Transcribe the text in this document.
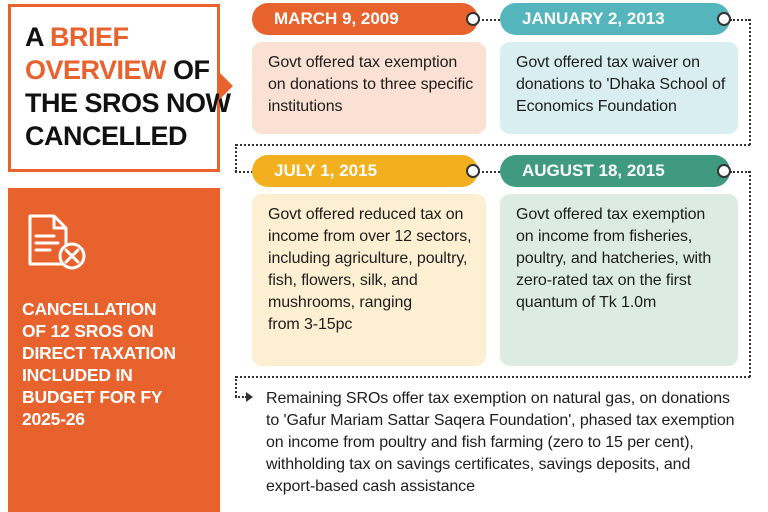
A BRIEF
OVERVIEW OF
THE SROS NOW
CANCELLED
CANCELLATION
OF 12 SROS ON
DIRECT TAXATION
INCLUDED IN
BUDGET FOR FY
2025-26
MARCH 9, 2009	JANUARY 2, 2013
Govt offered tax exemption
on donations to three specific
institutions
Govt offered tax waiver on
donations to 'Dhaka School of
Economics Foundation
JULY 1, 2015	AUGUST 18, 2015
Govt offered reduced tax on
income from over 12 sectors,
including agriculture, poultry,
fish, flowers, silk, and
mushrooms, ranging
from 3-15pc
Govt offered tax exemption
on income from fisheries,
poultry, and hatcheries, with
zero-rated tax on the first
quantum of Tk 1.0m
Remaining SROs offer tax exemption on natural gas, on donations
to 'Gafur Mariam Sattar Saqera Foundation', phased tax exemption
on income from poultry and fish farming (zero to 15 per cent),
withholding tax on savings certificates, savings deposits, and
export-based cash assistance
